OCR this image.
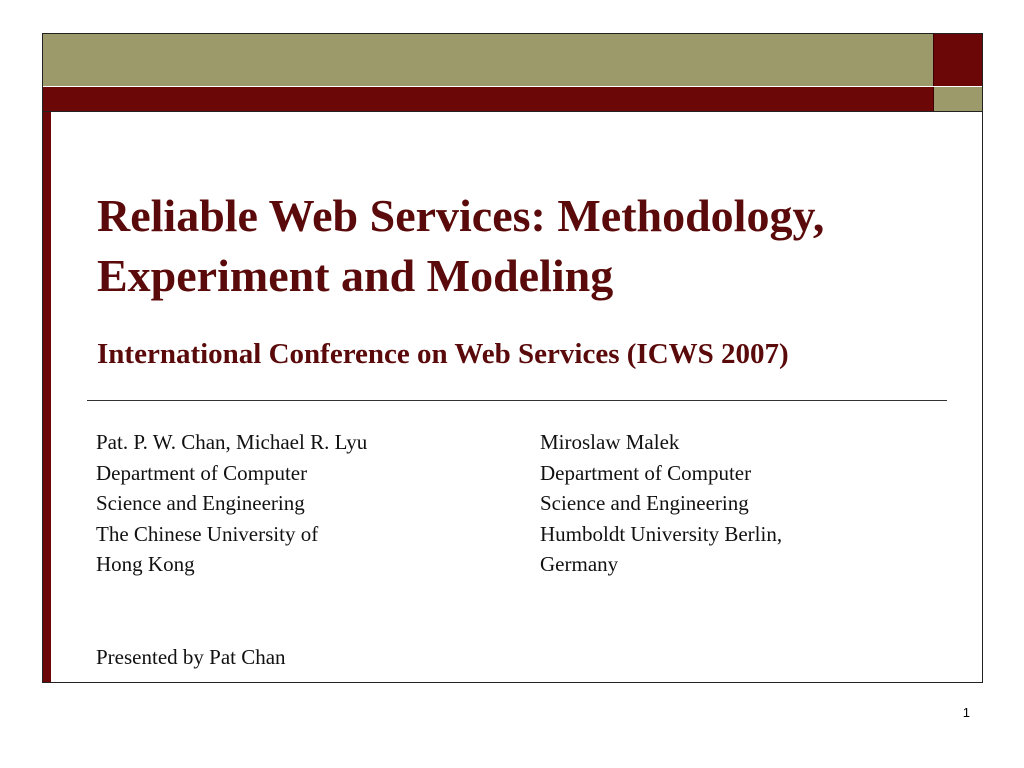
Reliable Web Services: Methodology, Experiment and Modeling
International Conference on Web Services (ICWS 2007)

Pat. P. W. Chan, Michael R. Lyu
Department of Computer
Science and Engineering
The Chinese University of
Hong Kong

Miroslaw Malek
Department of Computer
Science and Engineering
Humboldt University Berlin,
Germany

Presented by Pat Chan

1
